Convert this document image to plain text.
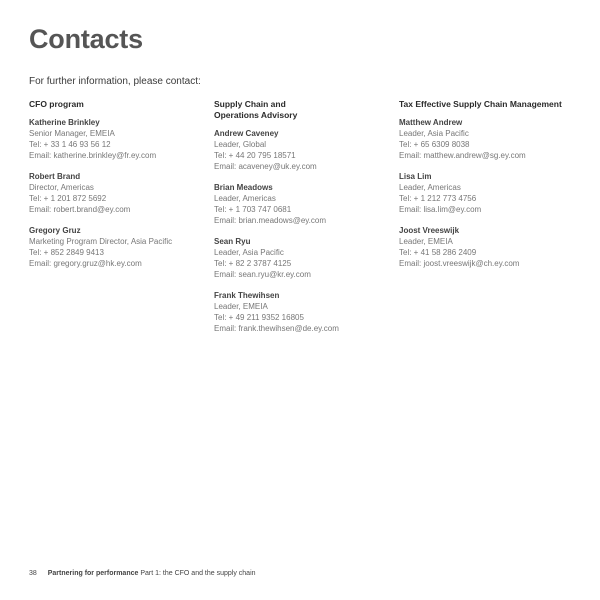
Contacts
For further information, please contact:
CFO program
Katherine Brinkley
Senior Manager, EMEIA
Tel: + 33 1 46 93 56 12
Email: katherine.brinkley@fr.ey.com
Robert Brand
Director, Americas
Tel: + 1 201 872 5692
Email: robert.brand@ey.com
Gregory Gruz
Marketing Program Director, Asia Pacific
Tel: + 852 2849 9413
Email: gregory.gruz@hk.ey.com
Supply Chain and Operations Advisory
Andrew Caveney
Leader, Global
Tel: + 44 20 795 18571
Email: acaveney@uk.ey.com
Brian Meadows
Leader, Americas
Tel: + 1 703 747 0681
Email: brian.meadows@ey.com
Sean Ryu
Leader, Asia Pacific
Tel: + 82 2 3787 4125
Email: sean.ryu@kr.ey.com
Frank Thewihsen
Leader, EMEIA
Tel: + 49 211 9352 16805
Email: frank.thewihsen@de.ey.com
Tax Effective Supply Chain Management
Matthew Andrew
Leader, Asia Pacific
Tel: + 65 6309 8038
Email: matthew.andrew@sg.ey.com
Lisa Lim
Leader, Americas
Tel: + 1 212 773 4756
Email: lisa.lim@ey.com
Joost Vreeswijk
Leader, EMEIA
Tel: + 41 58 286 2409
Email: joost.vreeswijk@ch.ey.com
38 Partnering for performance Part 1: the CFO and the supply chain
